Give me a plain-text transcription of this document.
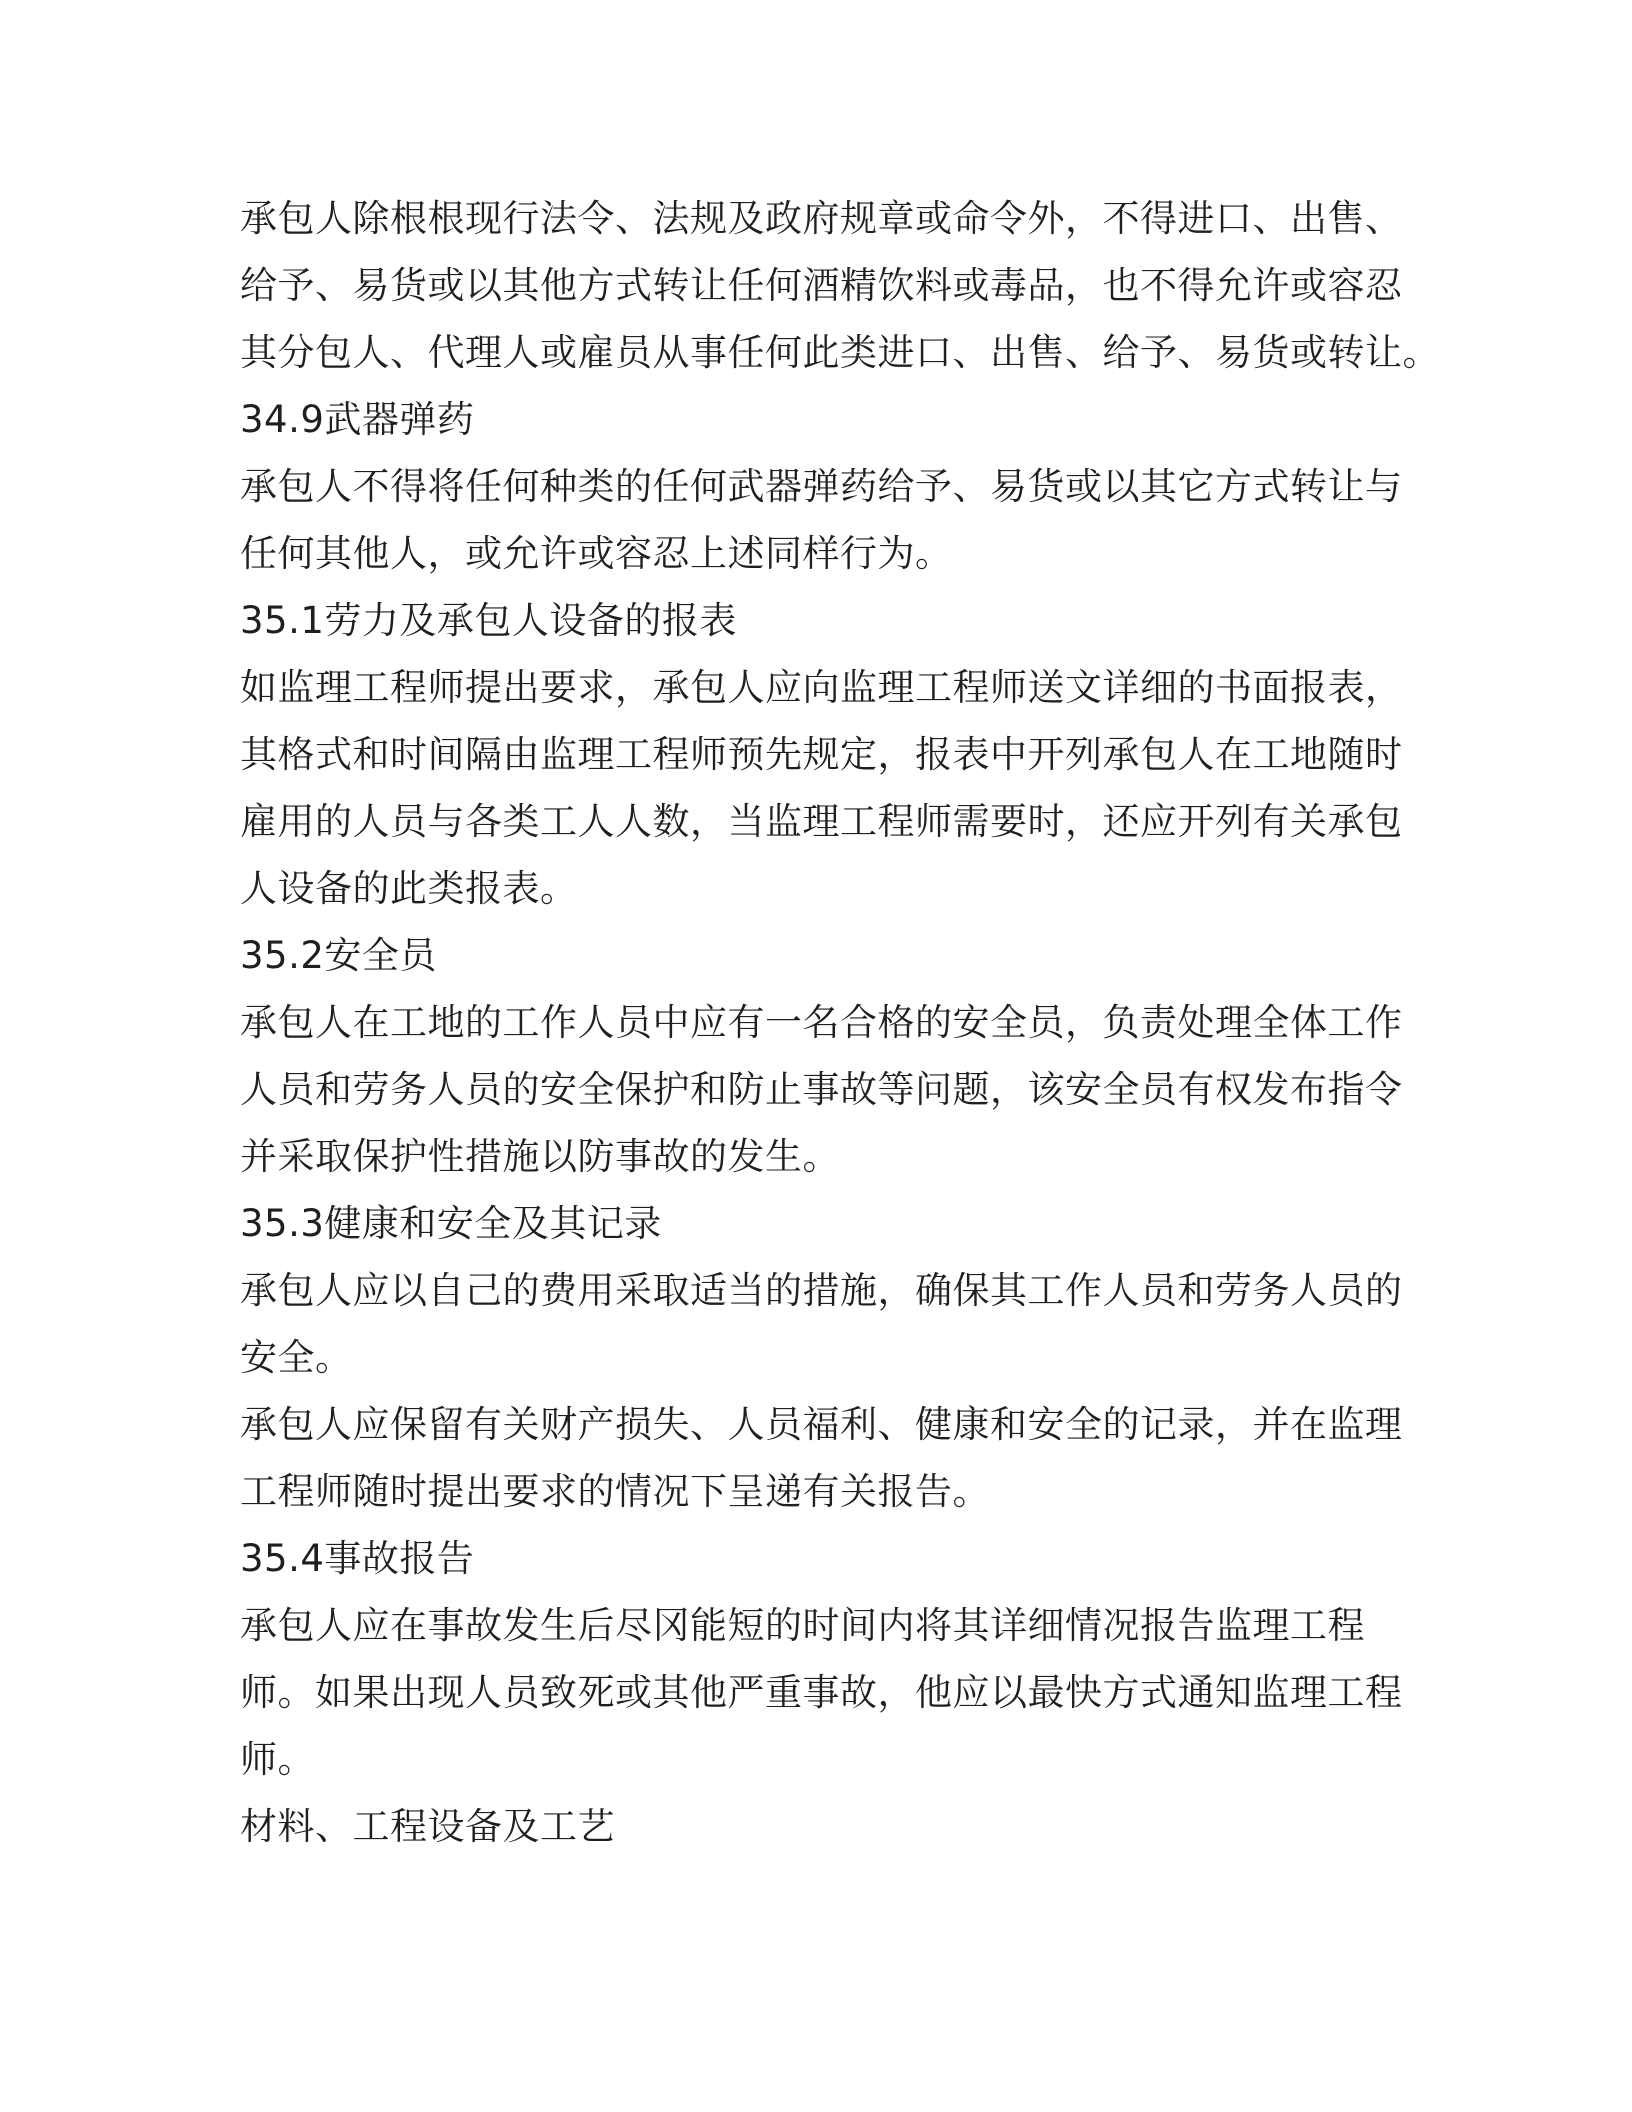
承包人除根根现行法令、法规及政府规章或命令外，不得进口、出售、
给予、易货或以其他方式转让任何酒精饮料或毒品，也不得允许或容忍
其分包人、代理人或雇员从事任何此类进口、出售、给予、易货或转让。
34.9武器弹药
承包人不得将任何种类的任何武器弹药给予、易货或以其它方式转让与
任何其他人，或允许或容忍上述同样行为。
35.1劳力及承包人设备的报表
如监理工程师提出要求，承包人应向监理工程师送文详细的书面报表，
其格式和时间隔由监理工程师预先规定，报表中开列承包人在工地随时
雇用的人员与各类工人人数，当监理工程师需要时，还应开列有关承包
人设备的此类报表。
35.2安全员
承包人在工地的工作人员中应有一名合格的安全员，负责处理全体工作
人员和劳务人员的安全保护和防止事故等问题，该安全员有权发布指令
并采取保护性措施以防事故的发生。
35.3健康和安全及其记录
承包人应以自己的费用采取适当的措施，确保其工作人员和劳务人员的
安全。
承包人应保留有关财产损失、人员福利、健康和安全的记录，并在监理
工程师随时提出要求的情况下呈递有关报告。
35.4事故报告
承包人应在事故发生后尽冈能短的时间内将其详细情况报告监理工程
师。如果出现人员致死或其他严重事故，他应以最快方式通知监理工程
师。
材料、工程设备及工艺
